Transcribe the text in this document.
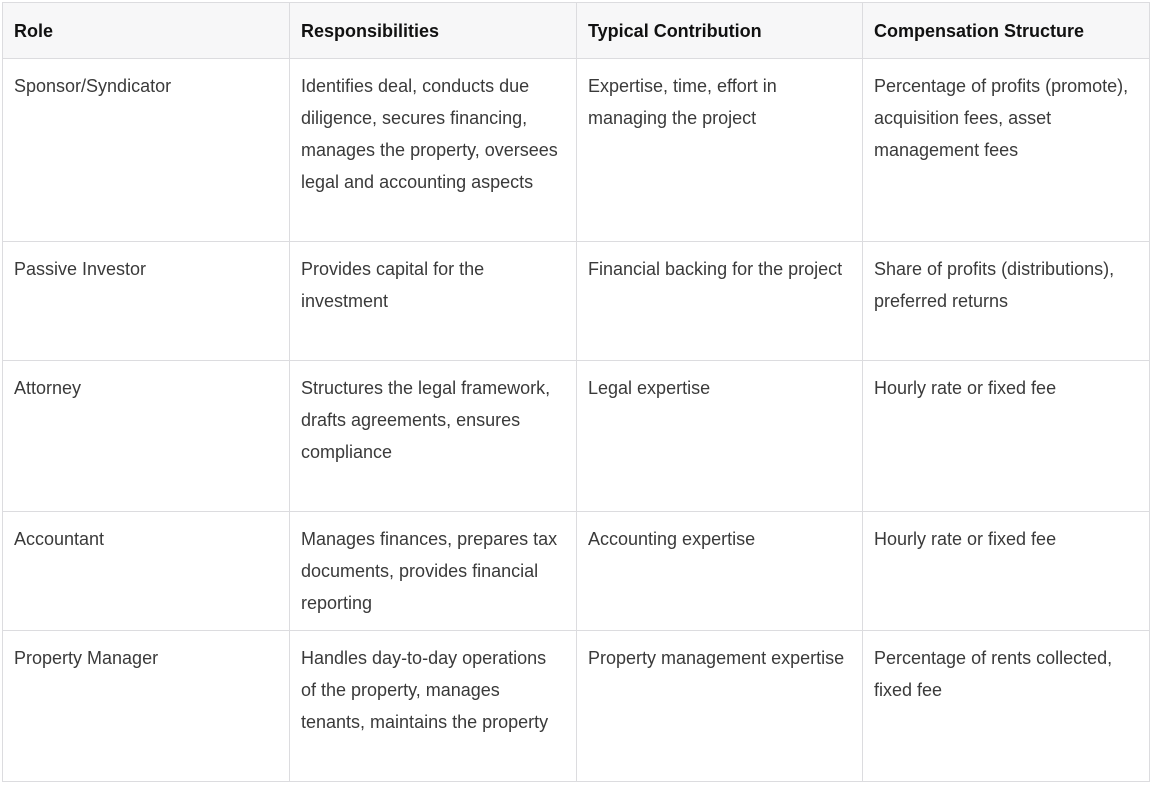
Role	Responsibilities	Typical Contribution	Compensation Structure
Sponsor/Syndicator	Identifies deal, conducts due diligence, secures financing, manages the property, oversees legal and accounting aspects	Expertise, time, effort in managing the project	Percentage of profits (promote), acquisition fees, asset management fees
Passive Investor	Provides capital for the investment	Financial backing for the project	Share of profits (distributions), preferred returns
Attorney	Structures the legal framework, drafts agreements, ensures compliance	Legal expertise	Hourly rate or fixed fee
Accountant	Manages finances, prepares tax documents, provides financial reporting	Accounting expertise	Hourly rate or fixed fee
Property Manager	Handles day-to-day operations of the property, manages tenants, maintains the property	Property management expertise	Percentage of rents collected, fixed fee
